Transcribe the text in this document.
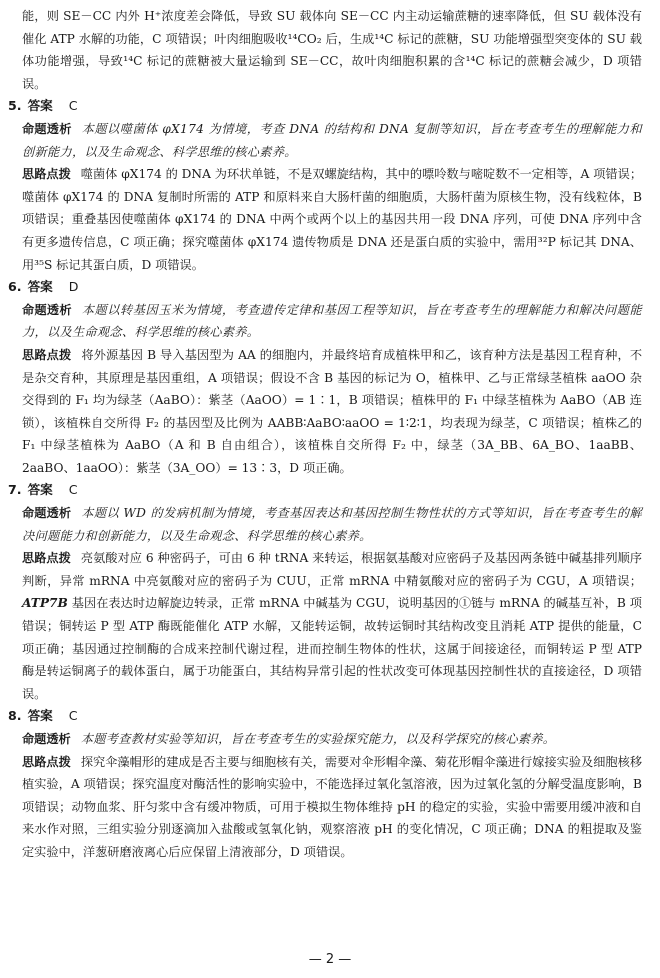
能，则 SE－CC 内外 H⁺浓度差会降低，导致 SU 载体向 SE－CC 内主动运输蔗糖的速率降低，但 SU 载体没有催化 ATP 水解的功能，C 项错误；叶肉细胞吸收¹⁴CO₂ 后，生成¹⁴C 标记的蔗糖，SU 功能增强型突变体的 SU 载体功能增强，导致¹⁴C 标记的蔗糖被大量运输到 SE－CC，故叶肉细胞积累的含¹⁴C 标记的蔗糖会减少，D 项错误。

5. 答案 C

命题透析 本题以噬菌体 φX174 为情境，考查 DNA 的结构和 DNA 复制等知识，旨在考查考生的理解能力和创新能力，以及生命观念、科学思维的核心素养。

思路点拨 噬菌体 φX174 的 DNA 为环状单链，不是双螺旋结构，其中的嘌呤数与嘧啶数不一定相等，A 项错误；噬菌体 φX174 的 DNA 复制时所需的 ATP 和原料来自大肠杆菌的细胞质，大肠杆菌为原核生物，没有线粒体，B 项错误；重叠基因使噬菌体 φX174 的 DNA 中两个或两个以上的基因共用一段 DNA 序列，可使 DNA 序列中含有更多遗传信息，C 项正确；探究噬菌体 φX174 遗传物质是 DNA 还是蛋白质的实验中，需用³²P 标记其 DNA、用³⁵S 标记其蛋白质，D 项错误。

6. 答案 D

命题透析 本题以转基因玉米为情境，考查遗传定律和基因工程等知识，旨在考查考生的理解能力和解决问题能力，以及生命观念、科学思维的核心素养。

思路点拨 将外源基因 B 导入基因型为 AA 的细胞内，并最终培育成植株甲和乙，该育种方法是基因工程育种，不是杂交育种，其原理是基因重组，A 项错误；假设不含 B 基因的标记为 O，植株甲、乙与正常绿茎植株 aaOO 杂交得到的 F₁ 均为绿茎（AaBO）：紫茎（AaOO）= 1∶1，B 项错误；植株甲的 F₁ 中绿茎植株为 AaBO（AB 连锁），该植株自交所得 F₂ 的基因型及比例为 AABB∶AaBO∶aaOO = 1∶2∶1，均表现为绿茎，C 项错误；植株乙的 F₁ 中绿茎植株为 AaBO（A 和 B 自由组合），该植株自交所得 F₂ 中，绿茎（3A_BB、6A_BO、1aaBB、2aaBO、1aaOO）：紫茎（3A_OO）= 13∶3，D 项正确。

7. 答案 C

命题透析 本题以 WD 的发病机制为情境，考查基因表达和基因控制生物性状的方式等知识，旨在考查考生的解决问题能力和创新能力，以及生命观念、科学思维的核心素养。

思路点拨 亮氨酸对应 6 种密码子，可由 6 种 tRNA 来转运，根据氨基酸对应密码子及基因两条链中碱基排列顺序判断，异常 mRNA 中亮氨酸对应的密码子为 CUU，正常 mRNA 中精氨酸对应的密码子为 CGU，A 项错误；ATP7B 基因在表达时边解旋边转录，正常 mRNA 中碱基为 CGU，说明基因的①链与 mRNA 的碱基互补，B 项错误；铜转运 P 型 ATP 酶既能催化 ATP 水解，又能转运铜，故转运铜时其结构改变且消耗 ATP 提供的能量，C 项正确；基因通过控制酶的合成来控制代谢过程，进而控制生物体的性状，这属于间接途径，而铜转运 P 型 ATP 酶是转运铜离子的载体蛋白，属于功能蛋白，其结构异常引起的性状改变可体现基因控制性状的直接途径，D 项错误。

8. 答案 C

命题透析 本题考查教材实验等知识，旨在考查考生的实验探究能力，以及科学探究的核心素养。

思路点拨 探究伞藻帽形的建成是否主要与细胞核有关，需要对伞形帽伞藻、菊花形帽伞藻进行嫁接实验及细胞核移植实验，A 项错误；探究温度对酶活性的影响实验中，不能选择过氧化氢溶液，因为过氧化氢的分解受温度影响，B 项错误；动物血浆、肝匀浆中含有缓冲物质，可用于模拟生物体维持 pH 的稳定的实验，实验中需要用缓冲液和自来水作对照，三组实验分别逐滴加入盐酸或氢氧化钠，观察溶液 pH 的变化情况，C 项正确；DNA 的粗提取及鉴定实验中，洋葱研磨液离心后应保留上清液部分，D 项错误。

— 2 —
